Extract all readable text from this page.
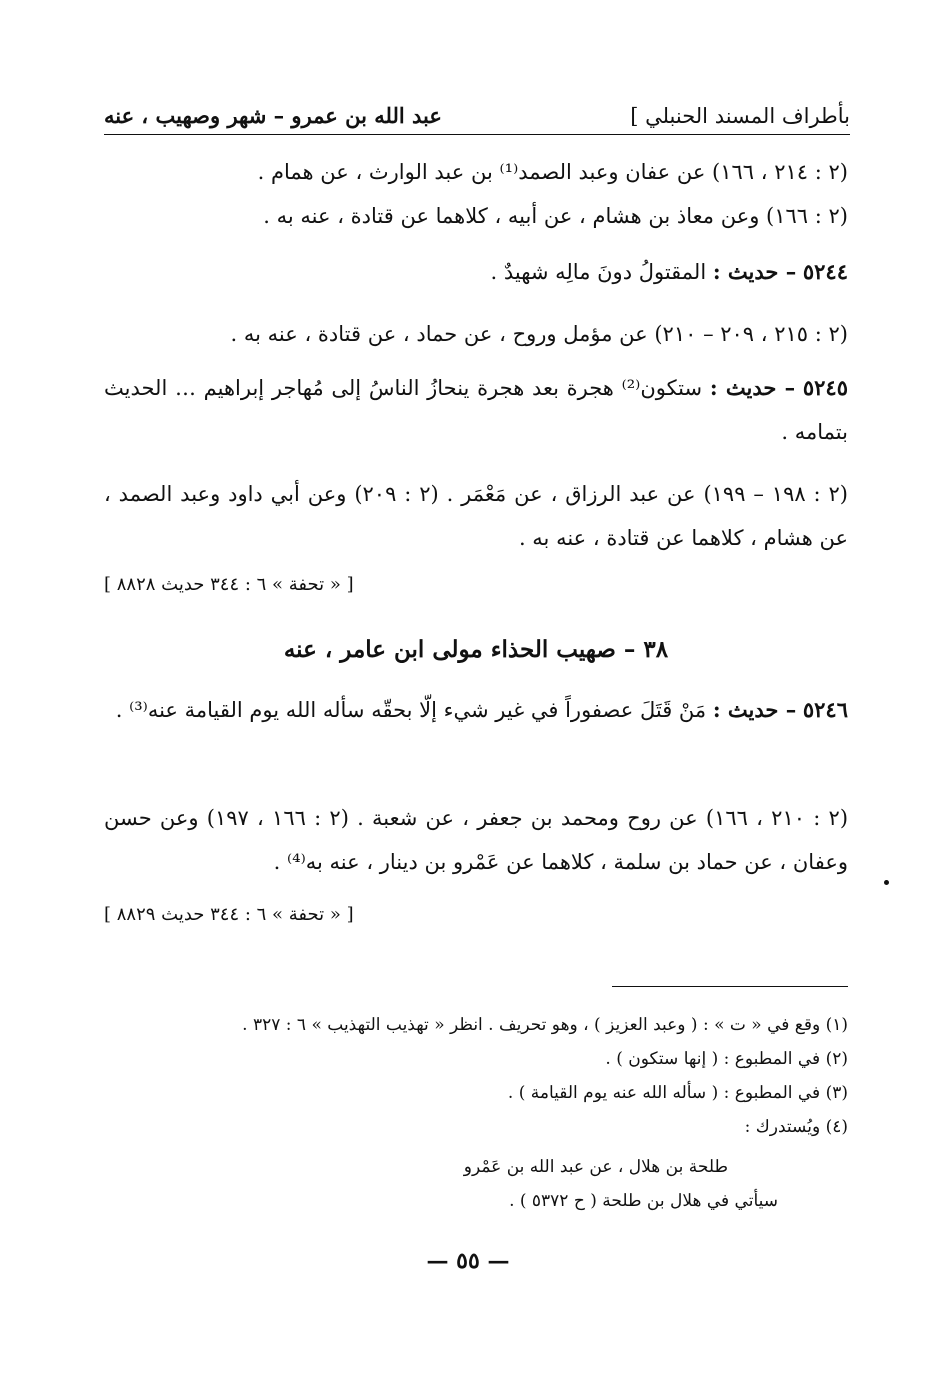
بأطراف المسند الحنبلي ]
عبد الله بن عمرو – شهر وصهيب ، عنه

(٢ : ٢١٤ ، ١٦٦) عن عفان وعبد الصمد⁽¹⁾ بن عبد الوارث ، عن همام .

(٢ : ١٦٦) وعن معاذ بن هشام ، عن أبيه ، كلاهما عن قتادة ، عنه به .

٥٢٤٤ – حديث : المقتولُ دونَ مالِه شهيدٌ .

(٢ : ٢١٥ ، ٢٠٩ – ٢١٠) عن مؤمل وروح ، عن حماد ، عن قتادة ، عنه به .

٥٢٤٥ – حديث : ستكون⁽²⁾ هجرة بعد هجرة ينحازُ الناسُ إلى مُهاجر إبراهيم … الحديث بتمامه .

(٢ : ١٩٨ – ١٩٩) عن عبد الرزاق ، عن مَعْمَر . (٢ : ٢٠٩) وعن أبي داود وعبد الصمد ، عن هشام ، كلاهما عن قتادة ، عنه به .

[ « تحفة » ٦ : ٣٤٤ حديث ٨٨٢٨ ]
٣٨ – صهيب الحذاء مولى ابن عامر ، عنه

٥٢٤٦ – حديث : مَنْ قَتَلَ عصفوراً في غير شيء إلّا بحقّه سأله الله يوم القيامة عنه⁽³⁾ .

(٢ : ٢١٠ ، ١٦٦) عن روح ومحمد بن جعفر ، عن شعبة . (٢ : ١٦٦ ، ١٩٧) وعن حسن وعفان ، عن حماد بن سلمة ، كلاهما عن عَمْرو بن دينار ، عنه به⁽⁴⁾ .

[ « تحفة » ٦ : ٣٤٤ حديث ٨٨٢٩ ]

(١) وقع في « ت » : ( وعبد العزيز ) ، وهو تحريف . انظر « تهذيب التهذيب » ٦ : ٣٢٧ .

(٢) في المطبوع : ( إنها ستكون ) .

(٣) في المطبوع : ( سأله الله عنه يوم القيامة ) .

(٤) ويُستدرك :

طلحة بن هلال ، عن عبد الله بن عَمْرو

سيأتي في هلال بن طلحة ( ح ٥٣٧٢ ) .

— ٥٥ —
